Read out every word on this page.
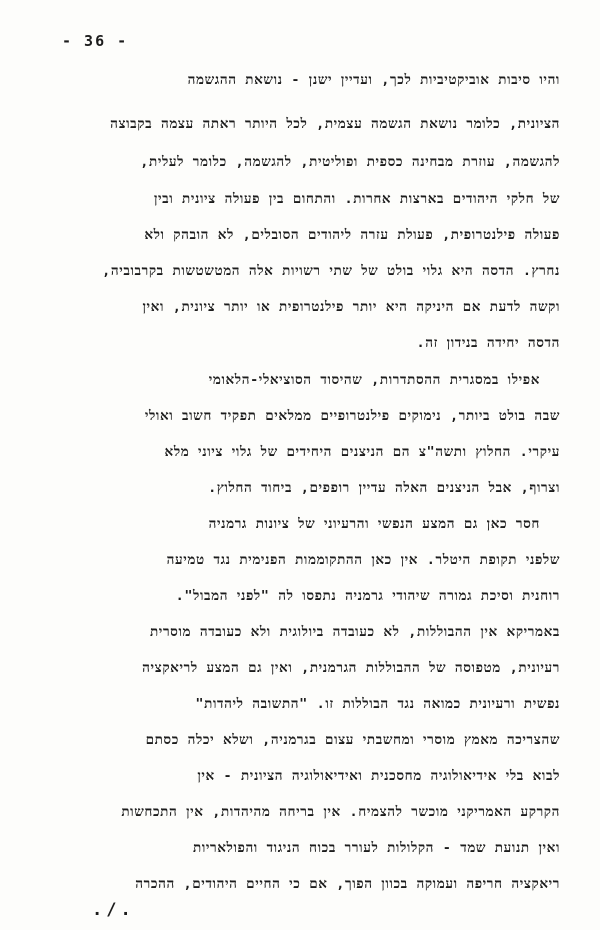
- 36 -
והיו סיבות אוביקטיביות לכך, ועדיין ישנן - נושאת ההגשמה
הציונית, כלומר נושאת הגשמה עצמית, לכל היותר ראתה עצמה בקבוצה
להגשמה, עוזרת מבחינה כספית ופוליטית, להגשמה, כלומר לעלית,
של חלקי היהודים בארצות אחרות. והתחום בין פעולה ציונית ובין
פעולה פילנטרופית, פעולת עזרה ליהודים הסובלים, לא הובהק ולא
נחרץ. הדסה היא גלוי בולט של שתי רשויות אלה המטשטשות בקרבוביה,
וקשה לדעת אם היניקה היא יותר פילנטרופית או יותר ציונית, ואין
הדסה יחידה בנידון זה.
אפילו במסגרית ההסתדרות, שהיסוד הסוציאלי-הלאומי
שבה בולט ביותר, נימוקים פילנטרופיים ממלאים תפקיד חשוב ואולי
עיקרי. החלוץ ותשה"צ הם הניצנים היחידים של גלוי ציוני מלא
וצרוף, אבל הניצנים האלה עדיין רופפים, ביחוד החלוץ.
חסר כאן גם המצע הנפשי והרעיוני של ציונות גרמניה
שלפני תקופת היטלר. אין כאן ההתקוממות הפנימית נגד טמיעה
רוחנית וסיכת גמורה שיהודי גרמניה נתפסו לה "לפני המבול".
באמריקא אין ההבוללות, לא כעובדה ביולוגית ולא כעובדה מוסרית
רעיונית, מטפוסה של ההבוללות הגרמנית, ואין גם המצע לריאקציה
נפשית ורעיונית כמואה נגד הבוללות זו. "התשובה ליהדות"
שהצריכה מאמץ מוסרי ומחשבתי עצום בגרמניה, ושלא יכלה כסתם
לבוא בלי אידיאולוגיה מחסכנית ואידיאולוגיה הציונית - אין
הקרקע האמריקני מוכשר להצמיח. אין בריחה מהיהדות, אין התכחשות
ואין תנועת שמד - הקלולות לעורר בכוח הניגוד והפולאריות
ריאקציה חריפה ועמוקה בכוון הפוך, אם כי החיים היהודים, ההכרה
./.
